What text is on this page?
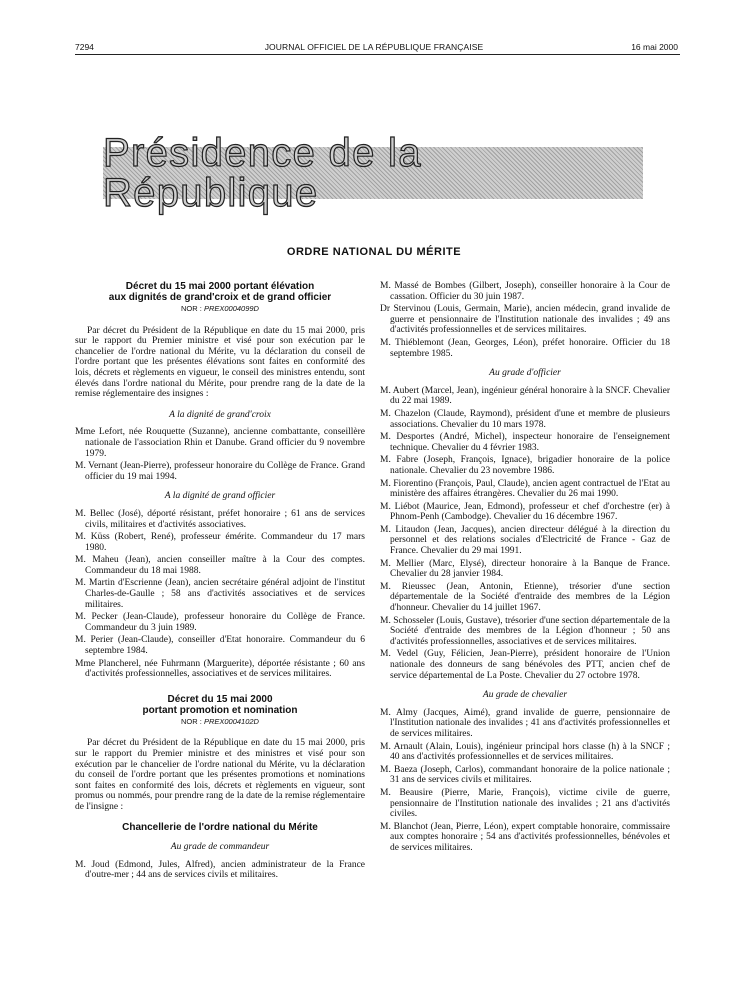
7294	JOURNAL OFFICIEL DE LA RÉPUBLIQUE FRANÇAISE	16 mai 2000
Présidence de la République
ORDRE NATIONAL DU MÉRITE
Décret du 15 mai 2000 portant élévation
aux dignités de grand'croix et de grand officier
NOR : PREX0004099D

Par décret du Président de la République en date du 15 mai 2000, pris sur le rapport du Premier ministre et visé pour son exécution par le chancelier de l'ordre national du Mérite, vu la déclaration du conseil de l'ordre portant que les présentes élévations sont faites en conformité des lois, décrets et règlements en vigueur, le conseil des ministres entendu, sont élevés dans l'ordre national du Mérite, pour prendre rang de la date de la remise réglementaire des insignes :

A la dignité de grand'croix

Mme Lefort, née Rouquette (Suzanne), ancienne combattante, conseillère nationale de l'association Rhin et Danube. Grand officier du 9 novembre 1979.

M. Vernant (Jean-Pierre), professeur honoraire du Collège de France. Grand officier du 19 mai 1994.

A la dignité de grand officier

M. Bellec (José), déporté résistant, préfet honoraire ; 61 ans de services civils, militaires et d'activités associatives.

M. Küss (Robert, René), professeur émérite. Commandeur du 17 mars 1980.

M. Maheu (Jean), ancien conseiller maître à la Cour des comptes. Commandeur du 18 mai 1988.

M. Martin d'Escrienne (Jean), ancien secrétaire général adjoint de l'institut Charles-de-Gaulle ; 58 ans d'activités associatives et de services militaires.

M. Pecker (Jean-Claude), professeur honoraire du Collège de France. Commandeur du 3 juin 1989.

M. Perier (Jean-Claude), conseiller d'Etat honoraire. Commandeur du 6 septembre 1984.

Mme Plancherel, née Fuhrmann (Marguerite), déportée résistante ; 60 ans d'activités professionnelles, associatives et de services militaires.

Décret du 15 mai 2000
portant promotion et nomination
NOR : PREX0004102D

Par décret du Président de la République en date du 15 mai 2000, pris sur le rapport du Premier ministre et des ministres et visé pour son exécution par le chancelier de l'ordre national du Mérite, vu la déclaration du conseil de l'ordre portant que les présentes promotions et nominations sont faites en conformité des lois, décrets et règlements en vigueur, sont promus ou nommés, pour prendre rang de la date de la remise réglementaire de l'insigne :

Chancellerie de l'ordre national du Mérite
Au grade de commandeur

M. Joud (Edmond, Jules, Alfred), ancien administrateur de la France d'outre-mer ; 44 ans de services civils et militaires.

M. Massé de Bombes (Gilbert, Joseph), conseiller honoraire à la Cour de cassation. Officier du 30 juin 1987.

Dr Stervinou (Louis, Germain, Marie), ancien médecin, grand invalide de guerre et pensionnaire de l'Institution nationale des invalides ; 49 ans d'activités professionnelles et de services militaires.

M. Thiéblemont (Jean, Georges, Léon), préfet honoraire. Officier du 18 septembre 1985.

Au grade d'officier

M. Aubert (Marcel, Jean), ingénieur général honoraire à la SNCF. Chevalier du 22 mai 1989.

M. Chazelon (Claude, Raymond), président d'une et membre de plusieurs associations. Chevalier du 10 mars 1978.

M. Desportes (André, Michel), inspecteur honoraire de l'enseignement technique. Chevalier du 4 février 1983.

M. Fabre (Joseph, François, Ignace), brigadier honoraire de la police nationale. Chevalier du 23 novembre 1986.

M. Fiorentino (François, Paul, Claude), ancien agent contractuel de l'Etat au ministère des affaires étrangères. Chevalier du 26 mai 1990.

M. Liébot (Maurice, Jean, Edmond), professeur et chef d'orchestre (er) à Phnom-Penh (Cambodge). Chevalier du 16 décembre 1967.

M. Litaudon (Jean, Jacques), ancien directeur délégué à la direction du personnel et des relations sociales d'Electricité de France - Gaz de France. Chevalier du 29 mai 1991.

M. Mellier (Marc, Elysé), directeur honoraire à la Banque de France. Chevalier du 28 janvier 1984.

M. Rieussec (Jean, Antonin, Etienne), trésorier d'une section départementale de la Société d'entraide des membres de la Légion d'honneur. Chevalier du 14 juillet 1967.

M. Schosseler (Louis, Gustave), trésorier d'une section départementale de la Société d'entraide des membres de la Légion d'honneur ; 50 ans d'activités professionnelles, associatives et de services militaires.

M. Vedel (Guy, Félicien, Jean-Pierre), président honoraire de l'Union nationale des donneurs de sang bénévoles des PTT, ancien chef de service départemental de La Poste. Chevalier du 27 octobre 1978.

Au grade de chevalier

M. Almy (Jacques, Aimé), grand invalide de guerre, pensionnaire de l'Institution nationale des invalides ; 41 ans d'activités professionnelles et de services militaires.

M. Arnault (Alain, Louis), ingénieur principal hors classe (h) à la SNCF ; 40 ans d'activités professionnelles et de services militaires.

M. Baeza (Joseph, Carlos), commandant honoraire de la police nationale ; 31 ans de services civils et militaires.

M. Beausire (Pierre, Marie, François), victime civile de guerre, pensionnaire de l'Institution nationale des invalides ; 21 ans d'activités civiles.

M. Blanchot (Jean, Pierre, Léon), expert comptable honoraire, commissaire aux comptes honoraire ; 54 ans d'activités professionnelles, bénévoles et de services militaires.
